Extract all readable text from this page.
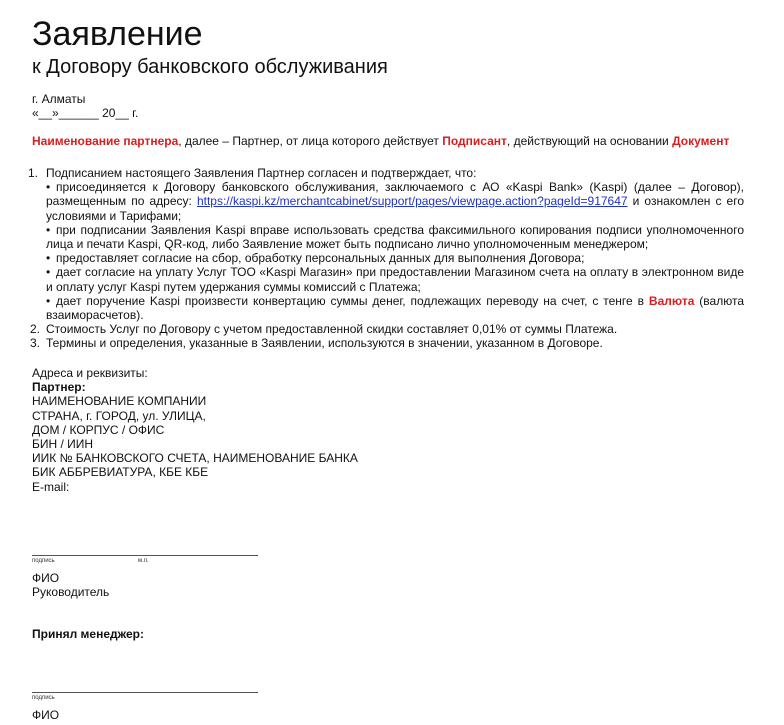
Заявление
к Договору банковского обслуживания
г. Алматы
«__»______ 20__ г.
Наименование партнера, далее – Партнер, от лица которого действует Подписант, действующий на основании Документ
1. Подписанием настоящего Заявления Партнер согласен и подтверждает, что:
• присоединяется к Договору банковского обслуживания, заключаемого с АО «Kaspi Bank» (Kaspi) (далее – Договор), размещенным по адресу: https://kaspi.kz/merchantcabinet/support/pages/viewpage.action?pageId=917647 и ознакомлен с его условиями и Тарифами;
• при подписании Заявления Kaspi вправе использовать средства факсимильного копирования подписи уполномоченного лица и печати Kaspi, QR-код, либо Заявление может быть подписано лично уполномоченным менеджером;
• предоставляет согласие на сбор, обработку персональных данных для выполнения Договора;
• дает согласие на уплату Услуг ТОО «Kaspi Магазин» при предоставлении Магазином счета на оплату в электронном виде и оплату услуг Kaspi путем удержания суммы комиссий с Платежа;
• дает поручение Kaspi произвести конвертацию суммы денег, подлежащих переводу на счет, с тенге в Валюта (валюта взаиморасчетов).
2. Стоимость Услуг по Договору с учетом предоставленной скидки составляет 0,01% от суммы Платежа.
3. Термины и определения, указанные в Заявлении, используются в значении, указанном в Договоре.
Адреса и реквизиты:
Партнер:
НАИМЕНОВАНИЕ КОМПАНИИ
СТРАНА, г. ГОРОД, ул. УЛИЦА,
ДОМ / КОРПУС / ОФИС
БИН / ИИН
ИИК № БАНКОВСКОГО СЧЕТА, НАИМЕНОВАНИЕ БАНКА
БИК АББРЕВИАТУРА, КБЕ КБЕ
E-mail:
подпись	м.п.
ФИО
Руководитель
Принял менеджер:
подпись
ФИО
